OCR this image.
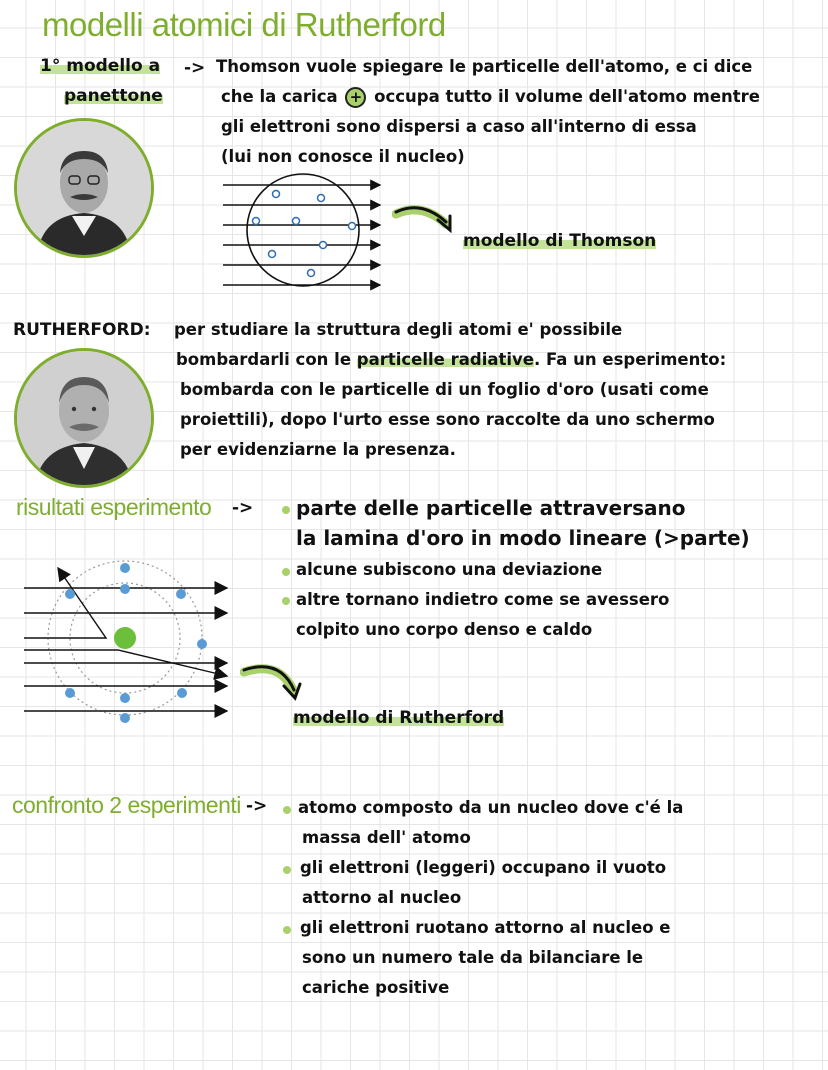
modelli atomici di Rutherford
1° modello a
panettone
-> Thomson vuole spiegare le particelle dell'atomo, e ci dice
che la carica + occupa tutto il volume dell'atomo mentre
gli elettroni sono dispersi a caso all'interno di essa
(lui non conosce il nucleo)
modello di Thomson
RUTHERFORD: per studiare la struttura degli atomi e' possibile
bombardarli con le particelle radiative. Fa un esperimento:
bombarda con le particelle di un foglio d'oro (usati come
proiettili), dopo l'urto esse sono raccolte da uno schermo
per evidenziarne la presenza.
risultati esperimento -> parte delle particelle attraversano
la lamina d'oro in modo lineare (>parte)
alcune subiscono una deviazione
altre tornano indietro come se avessero
colpito uno corpo denso e caldo
modello di Rutherford
confronto 2 esperimenti -> atomo composto da un nucleo dove c'é la
massa dell' atomo
gli elettroni (leggeri) occupano il vuoto
attorno al nucleo
gli elettroni ruotano attorno al nucleo e
sono un numero tale da bilanciare le
cariche positive
